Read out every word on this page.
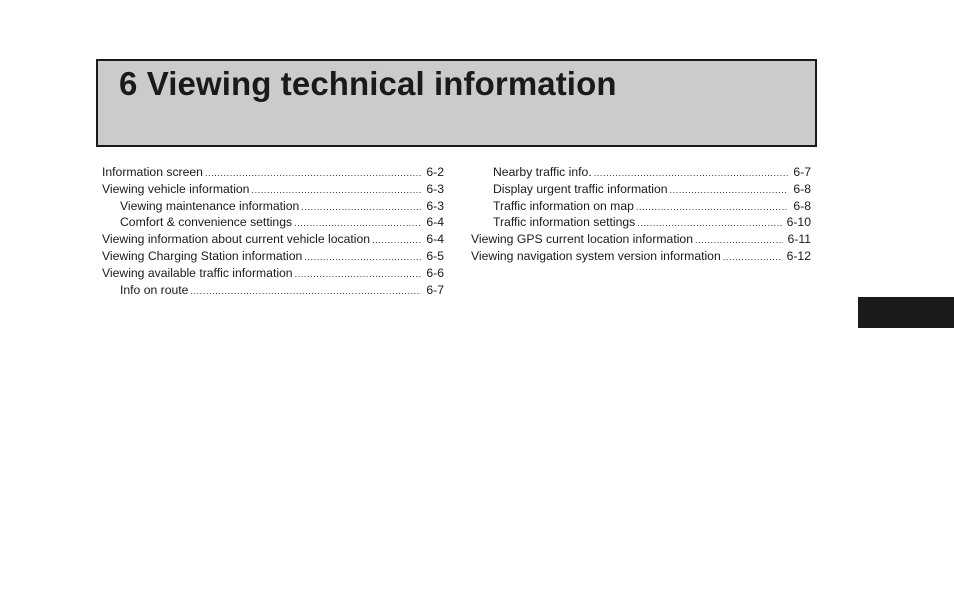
6 Viewing technical information
Information screen .....	6-2
Viewing vehicle information .....	6-3
Viewing maintenance information .....	6-3
Comfort & convenience settings .....	6-4
Viewing information about current vehicle location .....	6-4
Viewing Charging Station information .....	6-5
Viewing available traffic information .....	6-6
Info on route .....	6-7
Nearby traffic info. .....	6-7
Display urgent traffic information .....	6-8
Traffic information on map .....	6-8
Traffic information settings .....	6-10
Viewing GPS current location information .....	6-11
Viewing navigation system version information .....	6-12
